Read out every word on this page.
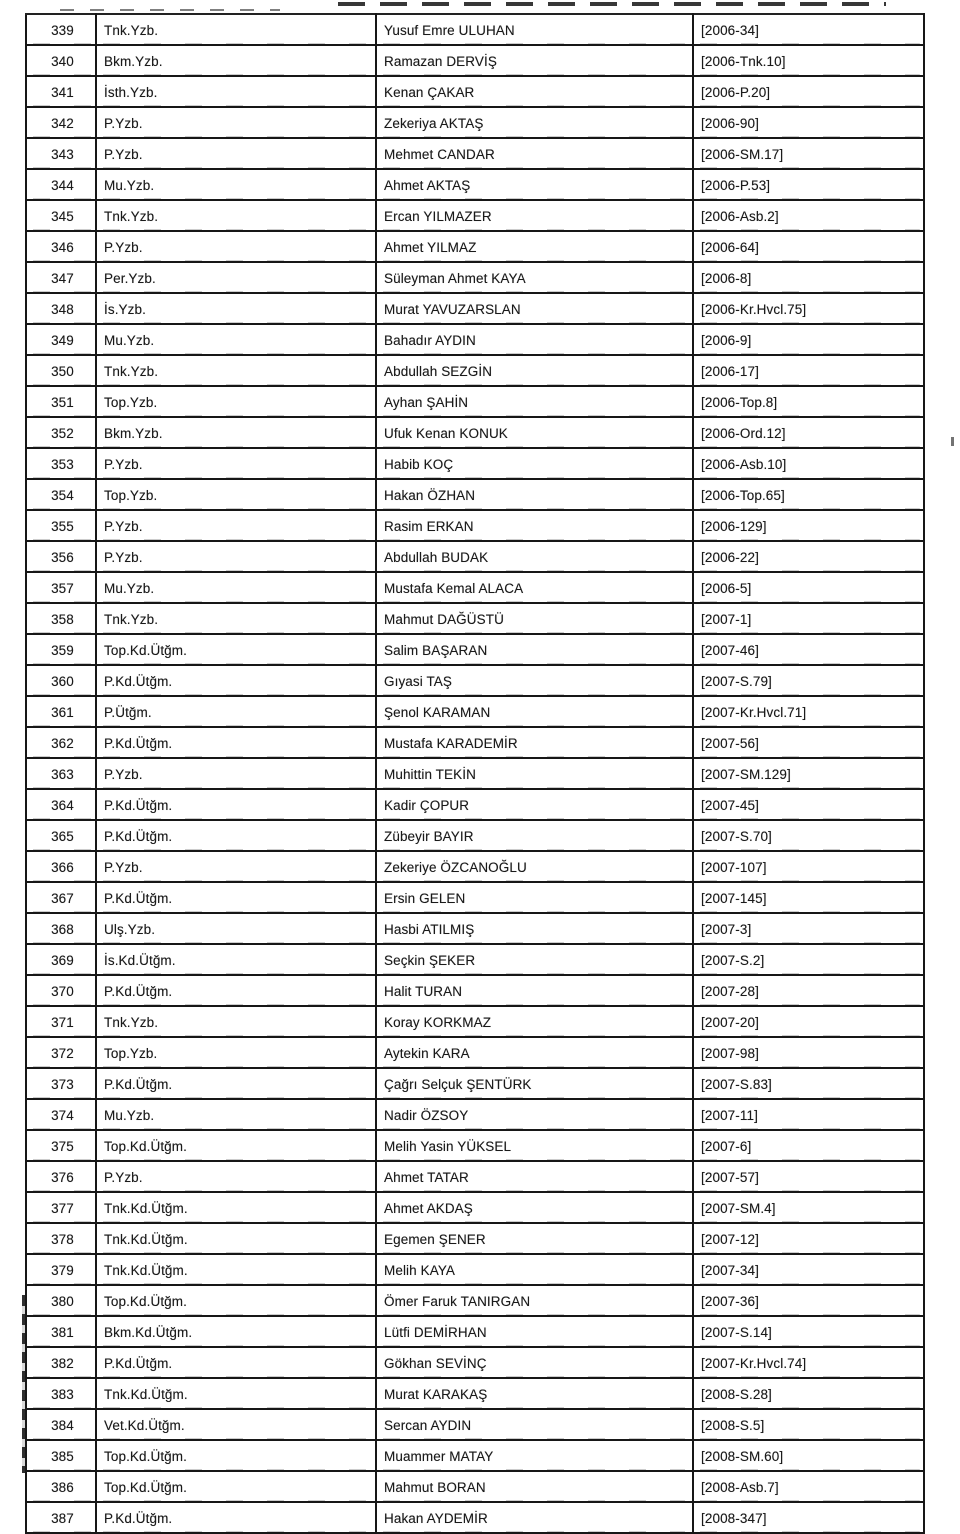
339	Tnk.Yzb.	Yusuf Emre ULUHAN	[2006-34]
340	Bkm.Yzb.	Ramazan DERVİŞ	[2006-Tnk.10]
341	İsth.Yzb.	Kenan ÇAKAR	[2006-P.20]
342	P.Yzb.	Zekeriya AKTAŞ	[2006-90]
343	P.Yzb.	Mehmet CANDAR	[2006-SM.17]
344	Mu.Yzb.	Ahmet AKTAŞ	[2006-P.53]
345	Tnk.Yzb.	Ercan YILMAZER	[2006-Asb.2]
346	P.Yzb.	Ahmet YILMAZ	[2006-64]
347	Per.Yzb.	Süleyman Ahmet KAYA	[2006-8]
348	İs.Yzb.	Murat YAVUZARSLAN	[2006-Kr.Hvcl.75]
349	Mu.Yzb.	Bahadır AYDIN	[2006-9]
350	Tnk.Yzb.	Abdullah SEZGİN	[2006-17]
351	Top.Yzb.	Ayhan ŞAHİN	[2006-Top.8]
352	Bkm.Yzb.	Ufuk Kenan KONUK	[2006-Ord.12]
353	P.Yzb.	Habib KOÇ	[2006-Asb.10]
354	Top.Yzb.	Hakan ÖZHAN	[2006-Top.65]
355	P.Yzb.	Rasim ERKAN	[2006-129]
356	P.Yzb.	Abdullah BUDAK	[2006-22]
357	Mu.Yzb.	Mustafa Kemal ALACA	[2006-5]
358	Tnk.Yzb.	Mahmut DAĞÜSTÜ	[2007-1]
359	Top.Kd.Ütğm.	Salim BAŞARAN	[2007-46]
360	P.Kd.Ütğm.	Gıyasi TAŞ	[2007-S.79]
361	P.Ütğm.	Şenol KARAMAN	[2007-Kr.Hvcl.71]
362	P.Kd.Ütğm.	Mustafa KARADEMİR	[2007-56]
363	P.Yzb.	Muhittin TEKİN	[2007-SM.129]
364	P.Kd.Ütğm.	Kadir ÇOPUR	[2007-45]
365	P.Kd.Ütğm.	Zübeyir BAYIR	[2007-S.70]
366	P.Yzb.	Zekeriye ÖZCANOĞLU	[2007-107]
367	P.Kd.Ütğm.	Ersin GELEN	[2007-145]
368	Ulş.Yzb.	Hasbi ATILMIŞ	[2007-3]
369	İs.Kd.Ütğm.	Seçkin ŞEKER	[2007-S.2]
370	P.Kd.Ütğm.	Halit TURAN	[2007-28]
371	Tnk.Yzb.	Koray KORKMAZ	[2007-20]
372	Top.Yzb.	Aytekin KARA	[2007-98]
373	P.Kd.Ütğm.	Çağrı Selçuk ŞENTÜRK	[2007-S.83]
374	Mu.Yzb.	Nadir ÖZSOY	[2007-11]
375	Top.Kd.Ütğm.	Melih Yasin YÜKSEL	[2007-6]
376	P.Yzb.	Ahmet TATAR	[2007-57]
377	Tnk.Kd.Ütğm.	Ahmet AKDAŞ	[2007-SM.4]
378	Tnk.Kd.Ütğm.	Egemen ŞENER	[2007-12]
379	Tnk.Kd.Ütğm.	Melih KAYA	[2007-34]
380	Top.Kd.Ütğm.	Ömer Faruk TANIRGAN	[2007-36]
381	Bkm.Kd.Ütğm.	Lütfi DEMİRHAN	[2007-S.14]
382	P.Kd.Ütğm.	Gökhan SEVİNÇ	[2007-Kr.Hvcl.74]
383	Tnk.Kd.Ütğm.	Murat KARAKAŞ	[2008-S.28]
384	Vet.Kd.Ütğm.	Sercan AYDIN	[2008-S.5]
385	Top.Kd.Ütğm.	Muammer MATAY	[2008-SM.60]
386	Top.Kd.Ütğm.	Mahmut BORAN	[2008-Asb.7]
387	P.Kd.Ütğm.	Hakan AYDEMİR	[2008-347]
